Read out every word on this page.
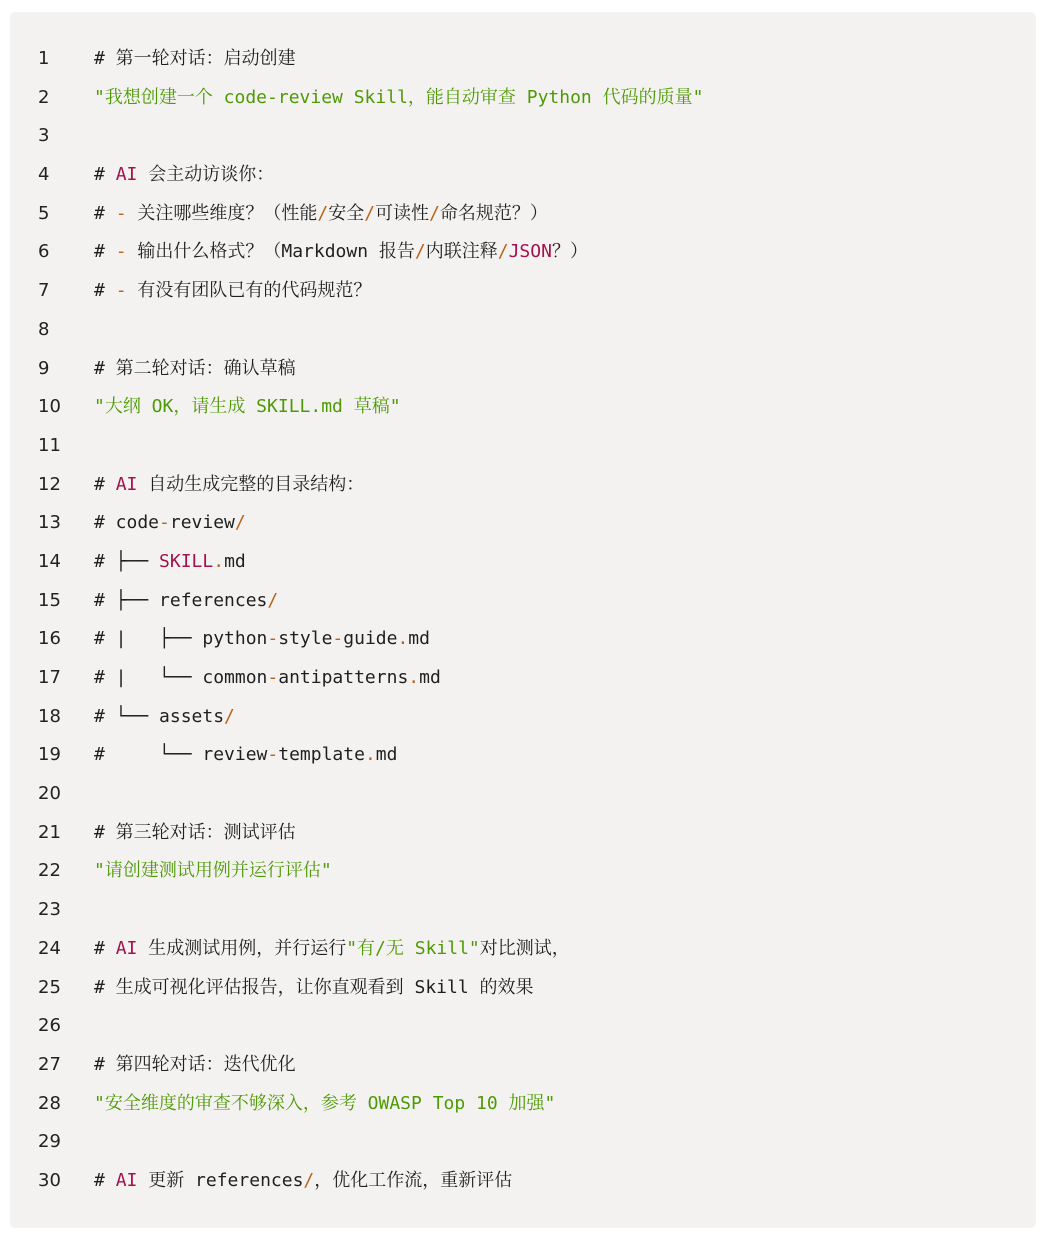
1	# 第一轮对话：启动创建
2	"我想创建一个 code-review Skill，能自动审查 Python 代码的质量"
3
4	# AI 会主动访谈你：
5	# - 关注哪些维度？（性能/安全/可读性/命名规范？）
6	# - 输出什么格式？（Markdown 报告/内联注释/JSON？）
7	# - 有没有团队已有的代码规范？
8
9	# 第二轮对话：确认草稿
10	"大纲 OK，请生成 SKILL.md 草稿"
11
12	# AI 自动生成完整的目录结构：
13	# code-review/
14	# ├── SKILL.md
15	# ├── references/
16	# |   ├── python-style-guide.md
17	# |   └── common-antipatterns.md
18	# └── assets/
19	#     └── review-template.md
20
21	# 第三轮对话：测试评估
22	"请创建测试用例并运行评估"
23
24	# AI 生成测试用例，并行运行"有/无 Skill"对比测试，
25	# 生成可视化评估报告，让你直观看到 Skill 的效果
26
27	# 第四轮对话：迭代优化
28	"安全维度的审查不够深入，参考 OWASP Top 10 加强"
29
30	# AI 更新 references/，优化工作流，重新评估
